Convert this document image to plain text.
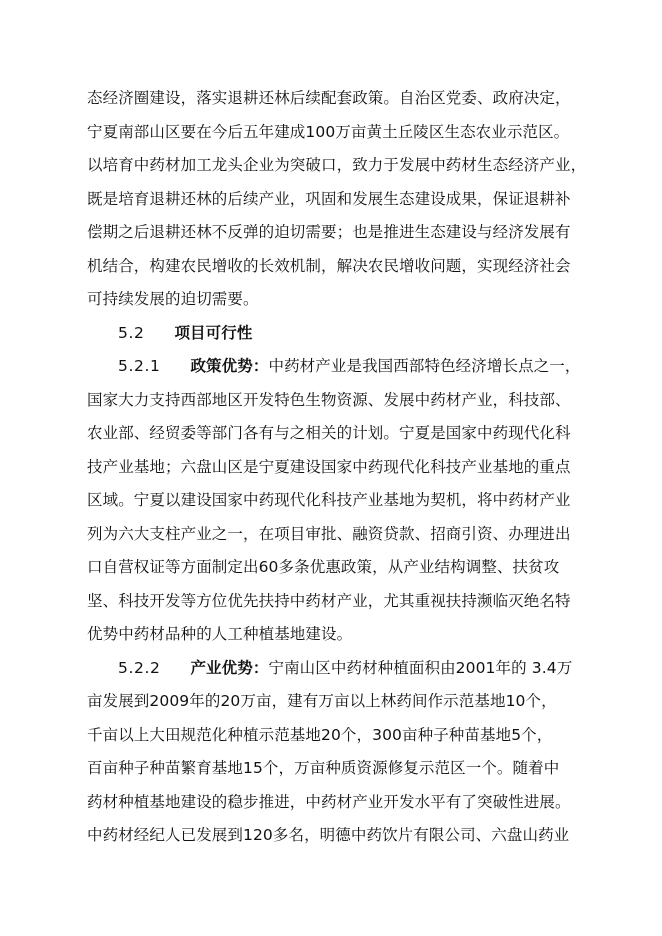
态经济圈建设，落实退耕还林后续配套政策。自治区党委、政府决定，
宁夏南部山区要在今后五年建成100万亩黄土丘陵区生态农业示范区。
以培育中药材加工龙头企业为突破口，致力于发展中药材生态经济产业，
既是培育退耕还林的后续产业，巩固和发展生态建设成果，保证退耕补
偿期之后退耕还林不反弹的迫切需要；也是推进生态建设与经济发展有
机结合，构建农民增收的长效机制，解决农民增收问题，实现经济社会
可持续发展的迫切需要。
5.2 项目可行性
5.2.1 政策优势：中药材产业是我国西部特色经济增长点之一，
国家大力支持西部地区开发特色生物资源、发展中药材产业，科技部、
农业部、经贸委等部门各有与之相关的计划。宁夏是国家中药现代化科
技产业基地；六盘山区是宁夏建设国家中药现代化科技产业基地的重点
区域。宁夏以建设国家中药现代化科技产业基地为契机，将中药材产业
列为六大支柱产业之一，在项目审批、融资贷款、招商引资、办理进出
口自营权证等方面制定出60多条优惠政策，从产业结构调整、扶贫攻
坚、科技开发等方位优先扶持中药材产业，尤其重视扶持濒临灭绝名特
优势中药材品种的人工种植基地建设。
5.2.2 产业优势：宁南山区中药材种植面积由2001年的 3.4万
亩发展到2009年的20万亩，建有万亩以上林药间作示范基地10个，
千亩以上大田规范化种植示范基地20个，300亩种子种苗基地5个，
百亩种子种苗繁育基地15个，万亩种质资源修复示范区一个。随着中
药材种植基地建设的稳步推进，中药材产业开发水平有了突破性进展。
中药材经纪人已发展到120多名，明德中药饮片有限公司、六盘山药业
